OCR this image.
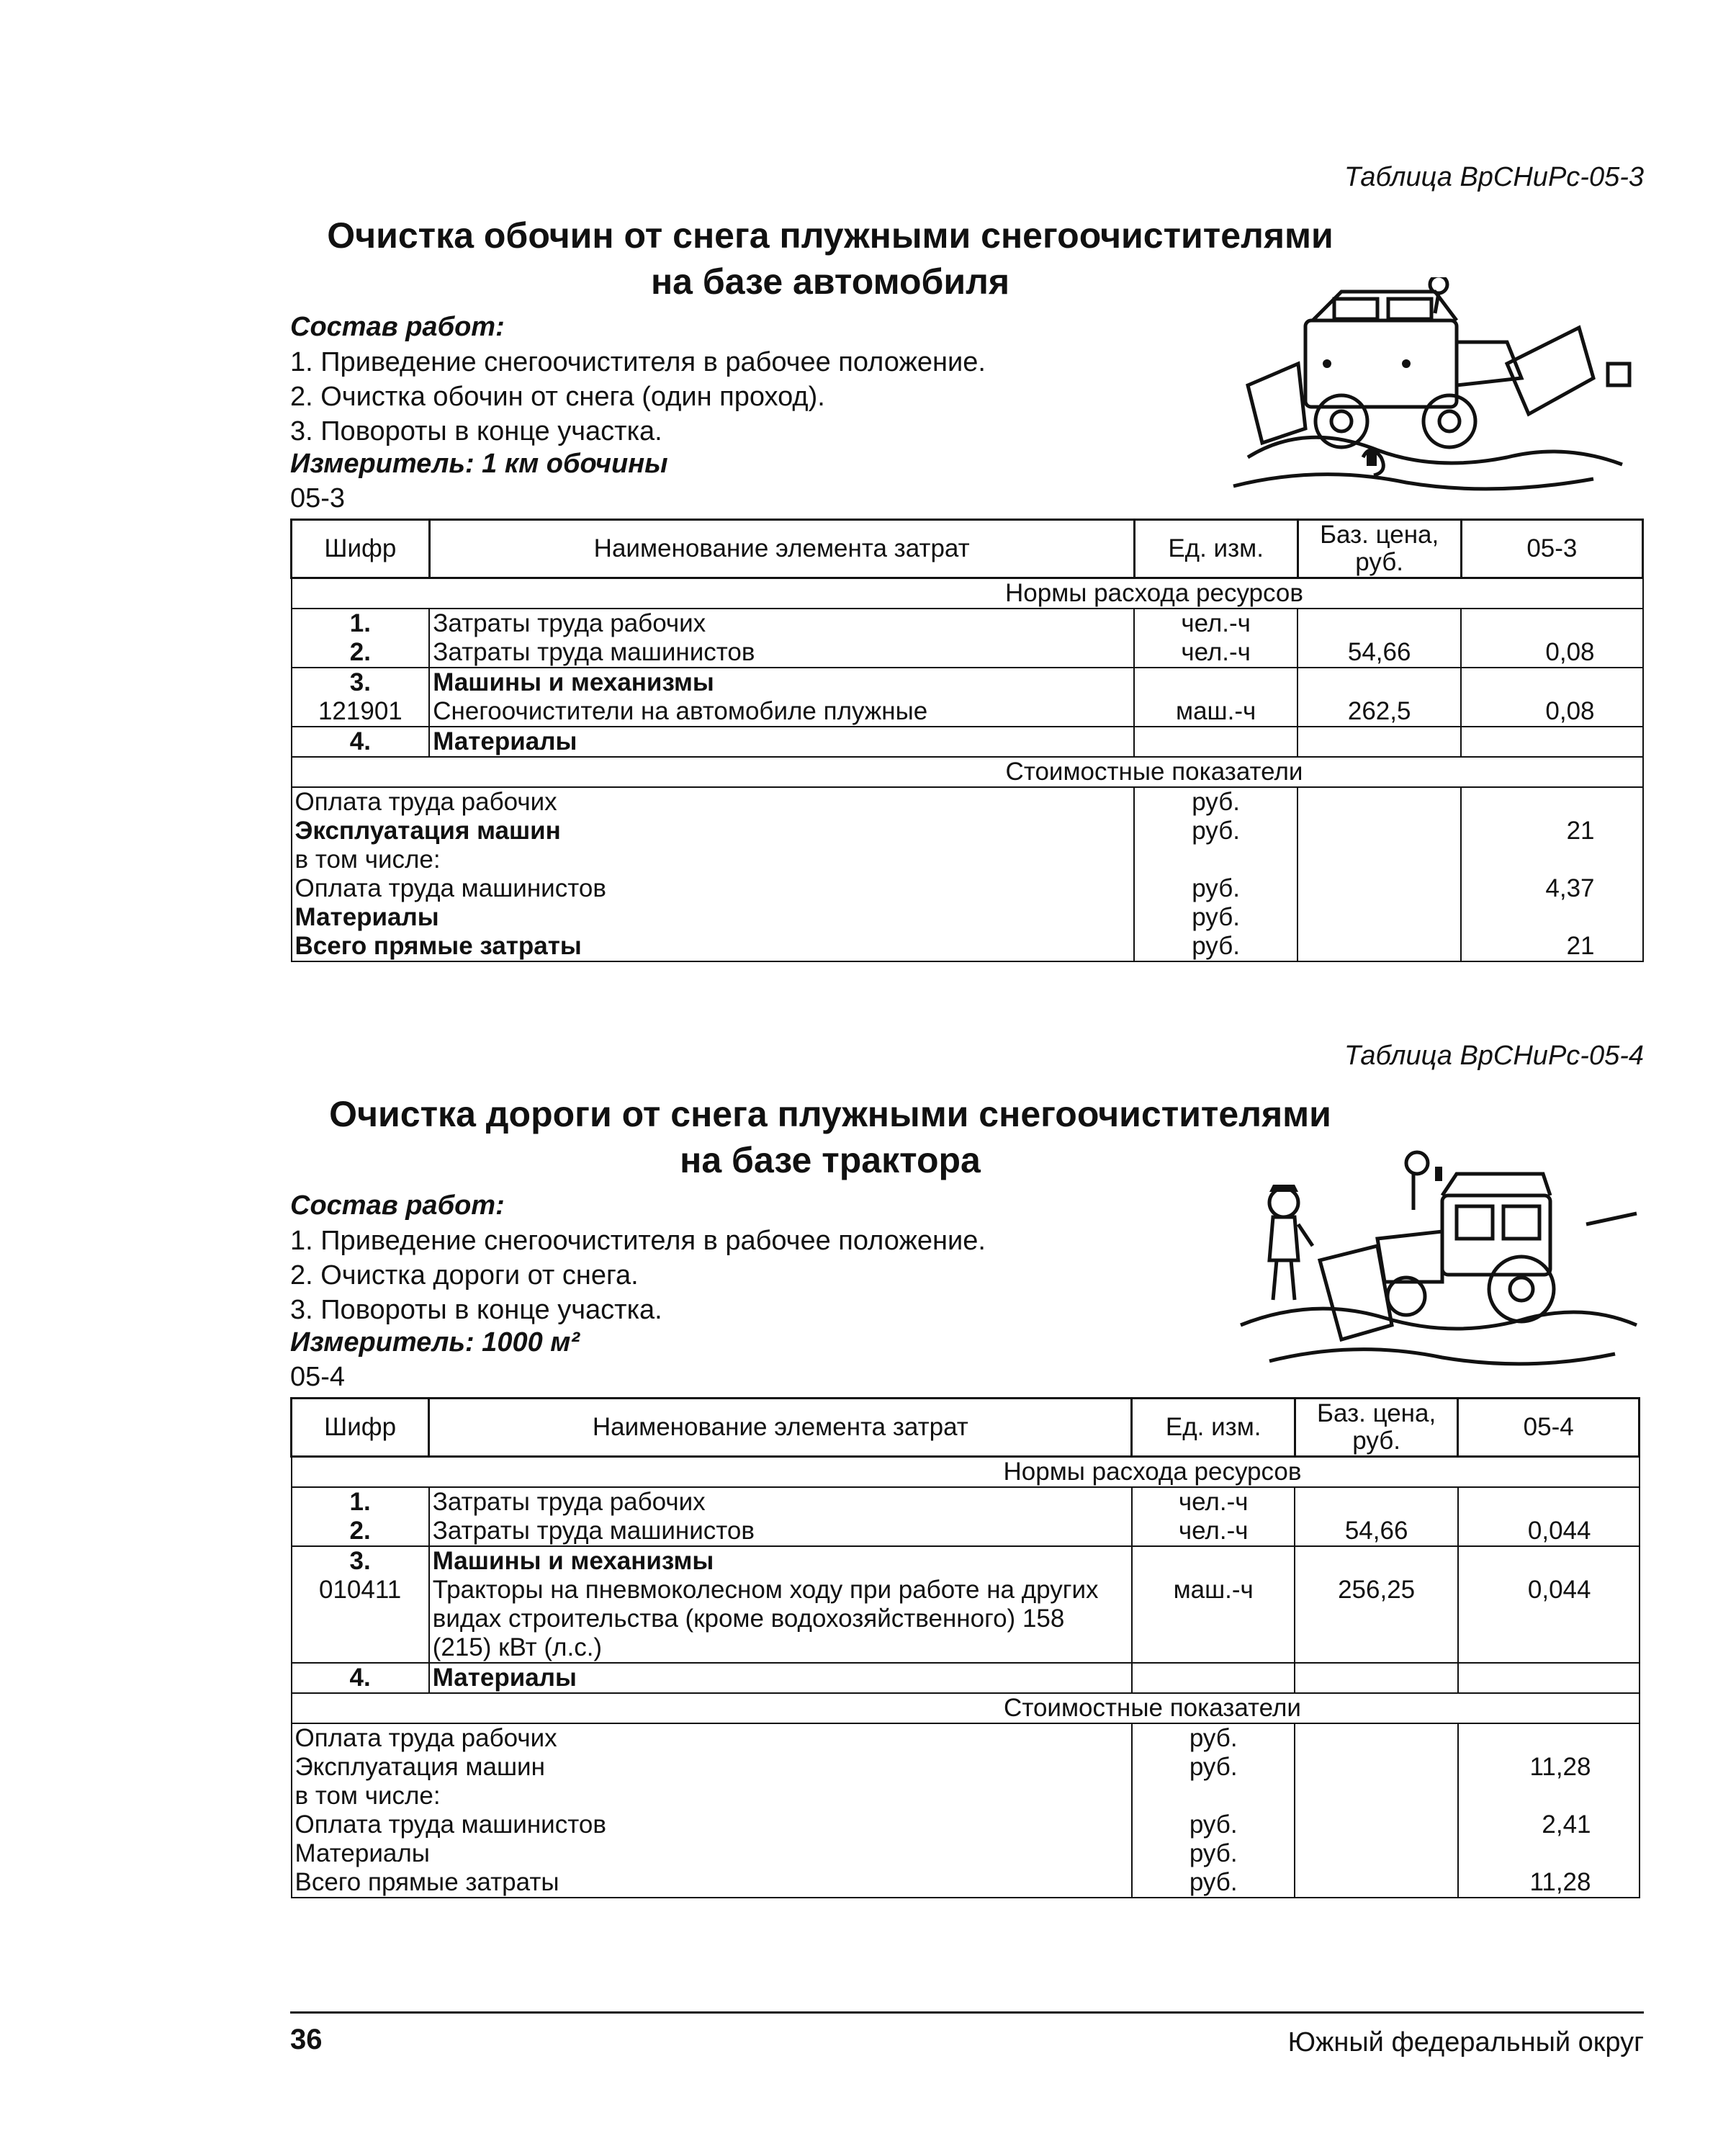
Таблица ВрСНиРс-05-3
Очистка обочин от снега плужными снегоочистителями
на базе автомобиля
Состав работ:
1. Приведение снегоочистителя в рабочее положение.
2. Очистка обочин от снега (один проход).
3. Повороты в конце участка.
Измеритель: 1 км обочины
05-3
Шифр	Наименование элемента затрат	Ед. изм.	Баз. цена, руб.	05-3
Нормы расхода ресурсов				
1.	Затраты труда рабочих	чел.-ч		
2.	Затраты труда машинистов	чел.-ч	54,66	0,08
3.	Машины и механизмы			
121901	Снегоочистители на автомобиле плужные	маш.-ч	262,5	0,08
4.	Материалы			
Стоимостные показатели				
Оплата труда рабочих		руб.		
Эксплуатация машин		руб.		21
в том числе:				
Оплата труда машинистов		руб.		4,37
Материалы		руб.		
Всего прямые затраты		руб.		21
Таблица ВрСНиРс-05-4
Очистка дороги от снега плужными снегоочистителями
на базе трактора
Состав работ:
1. Приведение снегоочистителя в рабочее положение.
2. Очистка дороги от снега.
3. Повороты в конце участка.
Измеритель: 1000 м²
05-4
Шифр	Наименование элемента затрат	Ед. изм.	Баз. цена, руб.	05-4
Нормы расхода ресурсов				
1.	Затраты труда рабочих	чел.-ч		
2.	Затраты труда машинистов	чел.-ч	54,66	0,044
3.	Машины и механизмы			
010411	Тракторы на пневмоколесном ходу при работе на других видах строительства (кроме водохозяйственного) 158 (215) кВт (л.с.)	маш.-ч	256,25	0,044
4.	Материалы			
Стоимостные показатели				
Оплата труда рабочих		руб.		
Эксплуатация машин		руб.		11,28
в том числе:				
Оплата труда машинистов		руб.		2,41
Материалы		руб.		
Всего прямые затраты		руб.		11,28
36	Южный федеральный округ
